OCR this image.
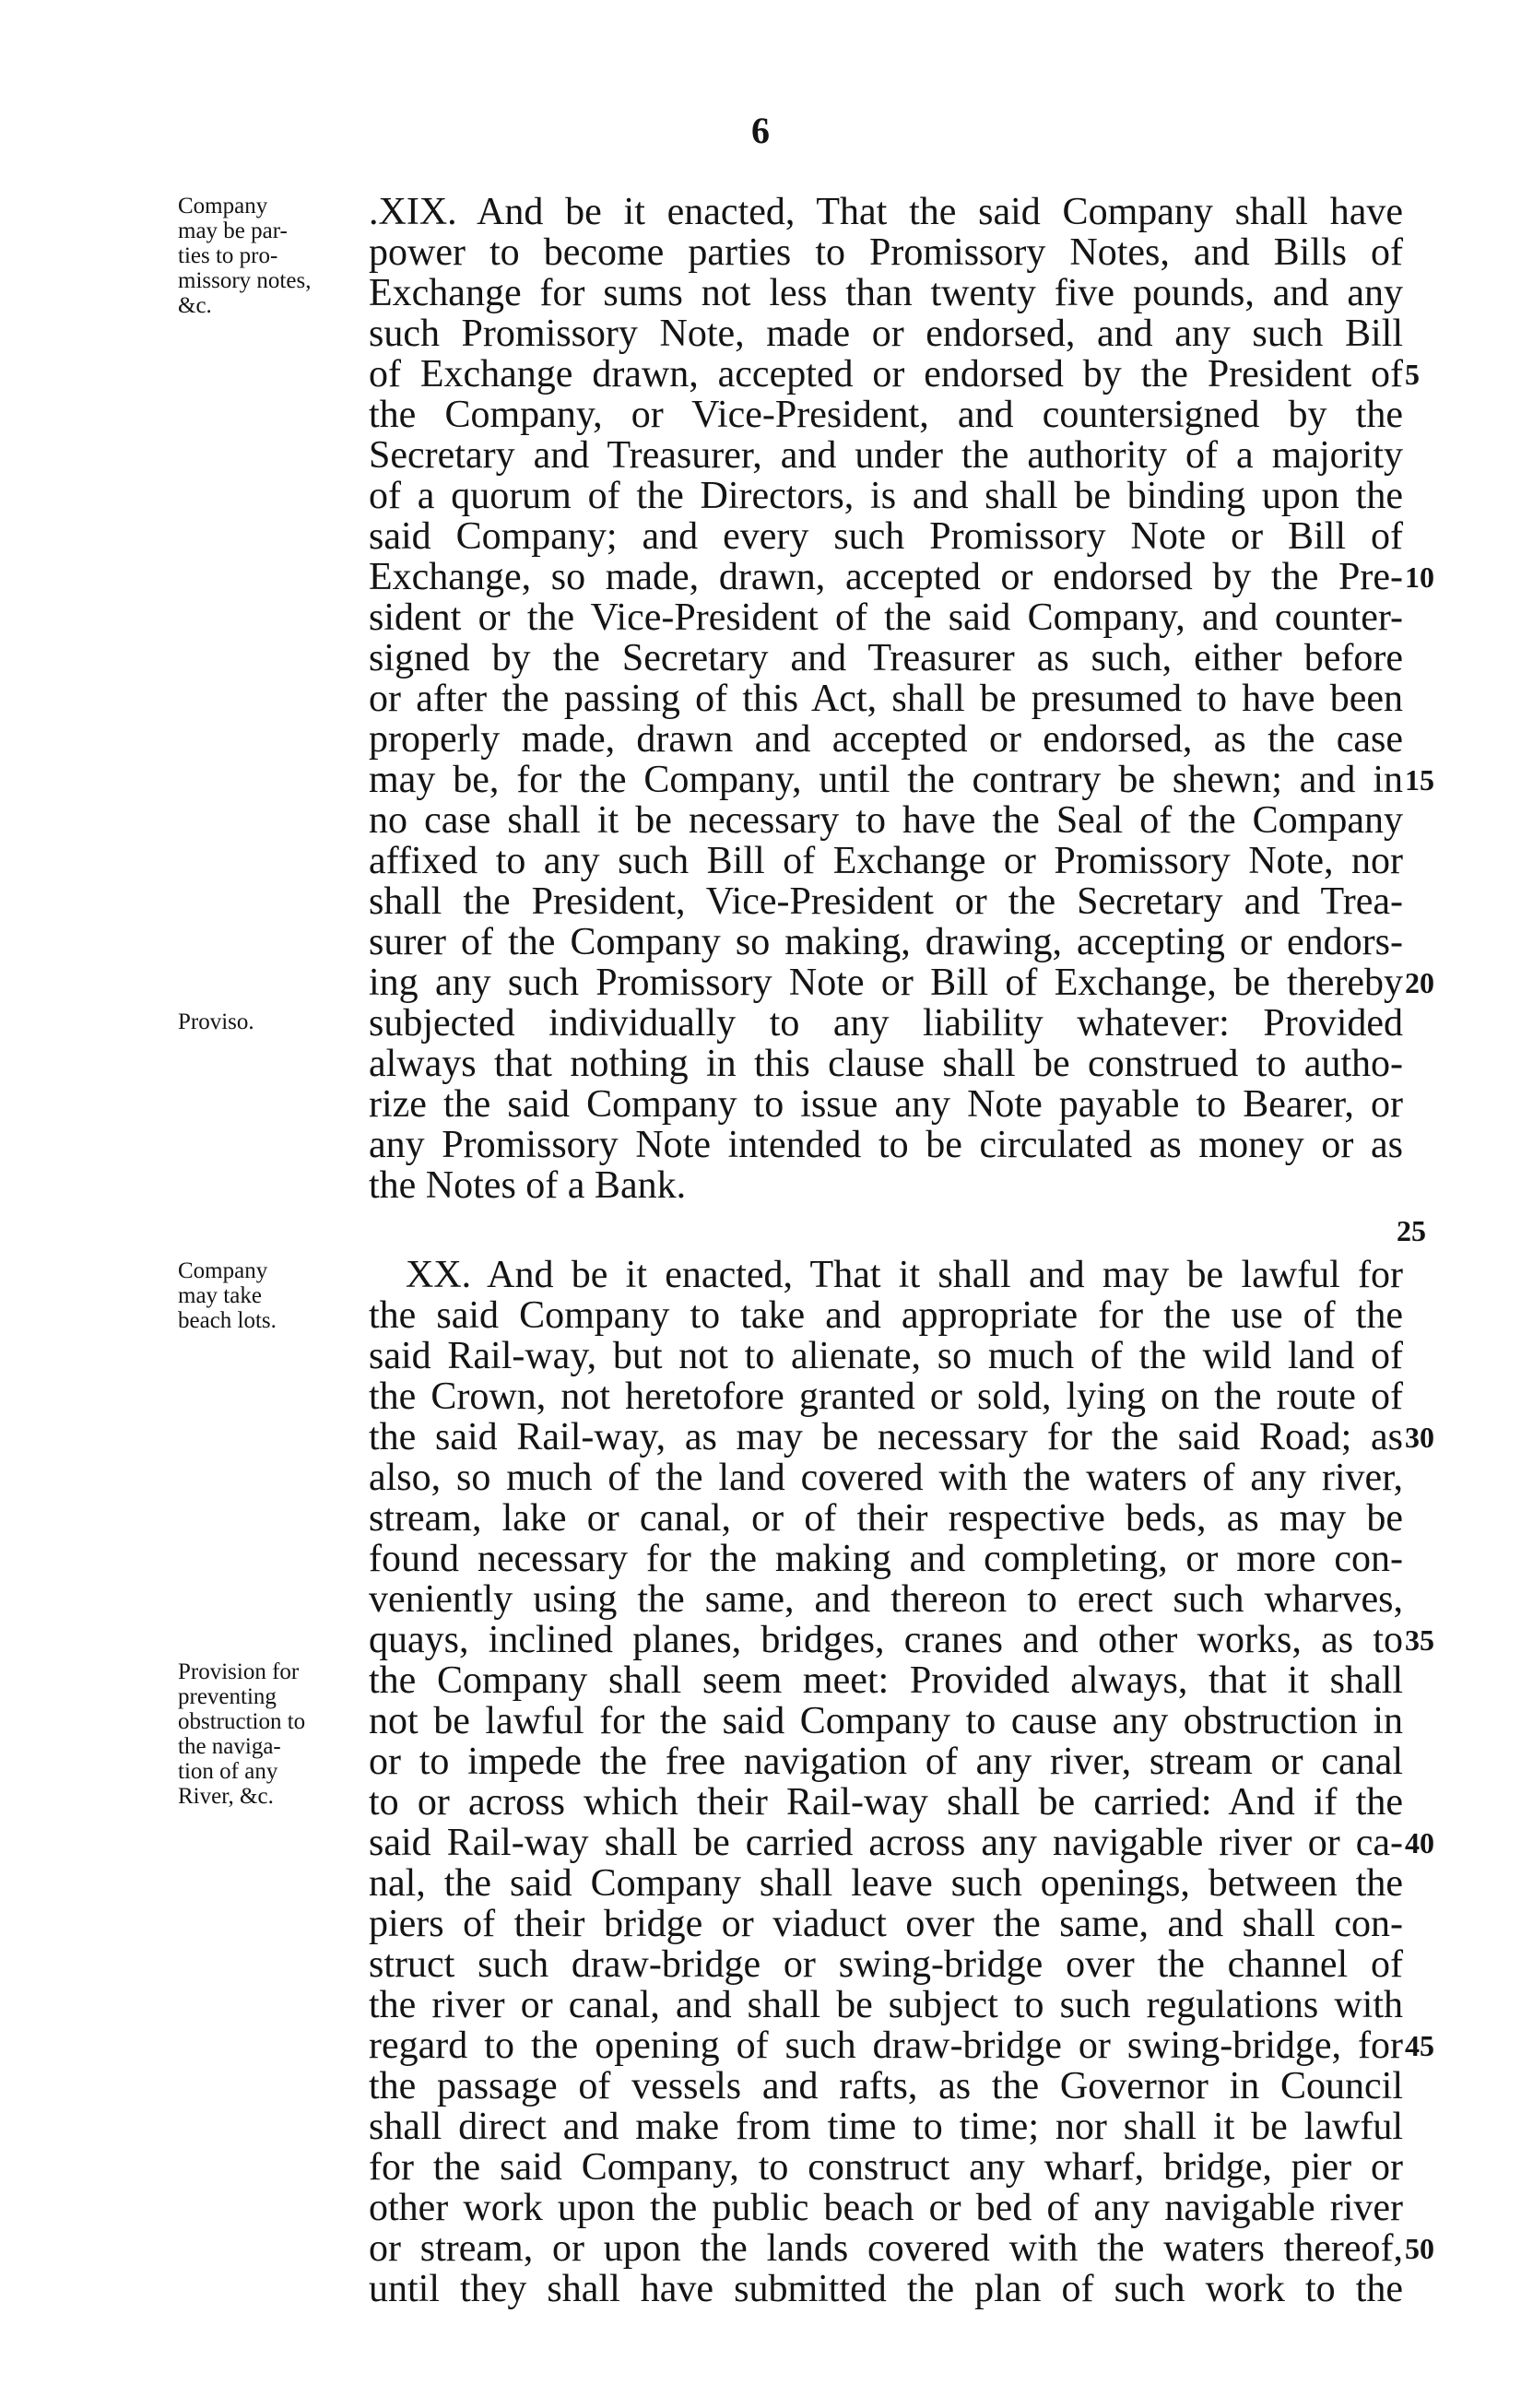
6
.XIX. And be it enacted, That the said Company shall have
power to become parties to Promissory Notes, and Bills of
Exchange for sums not less than twenty five pounds, and any
such Promissory Note, made or endorsed, and any such Bill
of Exchange drawn, accepted or endorsed by the President of
the Company, or Vice-President, and countersigned by the
Secretary and Treasurer, and under the authority of a majority
of a quorum of the Directors, is and shall be binding upon the
said Company; and every such Promissory Note or Bill of
Exchange, so made, drawn, accepted or endorsed by the Pre-
sident or the Vice-President of the said Company, and counter-
signed by the Secretary and Treasurer as such, either before
or after the passing of this Act, shall be presumed to have been
properly made, drawn and accepted or endorsed, as the case
may be, for the Company, until the contrary be shewn; and in
no case shall it be necessary to have the Seal of the Company
affixed to any such Bill of Exchange or Promissory Note, nor
shall the President, Vice-President or the Secretary and Trea-
surer of the Company so making, drawing, accepting or endors-
ing any such Promissory Note or Bill of Exchange, be thereby
subjected individually to any liability whatever: Provided
always that nothing in this clause shall be construed to autho-
rize the said Company to issue any Note payable to Bearer, or
any Promissory Note intended to be circulated as money or as
the Notes of a Bank.
XX. And be it enacted, That it shall and may be lawful for
the said Company to take and appropriate for the use of the
said Rail-way, but not to alienate, so much of the wild land of
the Crown, not heretofore granted or sold, lying on the route of
the said Rail-way, as may be necessary for the said Road; as
also, so much of the land covered with the waters of any river,
stream, lake or canal, or of their respective beds, as may be
found necessary for the making and completing, or more con-
veniently using the same, and thereon to erect such wharves,
quays, inclined planes, bridges, cranes and other works, as to
the Company shall seem meet: Provided always, that it shall
not be lawful for the said Company to cause any obstruction in
or to impede the free navigation of any river, stream or canal
to or across which their Rail-way shall be carried: And if the
said Rail-way shall be carried across any navigable river or ca-
nal, the said Company shall leave such openings, between the
piers of their bridge or viaduct over the same, and shall con-
struct such draw-bridge or swing-bridge over the channel of
the river or canal, and shall be subject to such regulations with
regard to the opening of such draw-bridge or swing-bridge, for
the passage of vessels and rafts, as the Governor in Council
shall direct and make from time to time; nor shall it be lawful
for the said Company, to construct any wharf, bridge, pier or
other work upon the public beach or bed of any navigable river
or stream, or upon the lands covered with the waters thereof,
until they shall have submitted the plan of such work to the
5
10
15
20
25
30
35
40
45
50
Company
may be par-
ties to pro-
missory notes,
&c.
Proviso.
Company
may take
beach lots.
Provision for
preventing
obstruction to
the naviga-
tion of any
River, &c.
